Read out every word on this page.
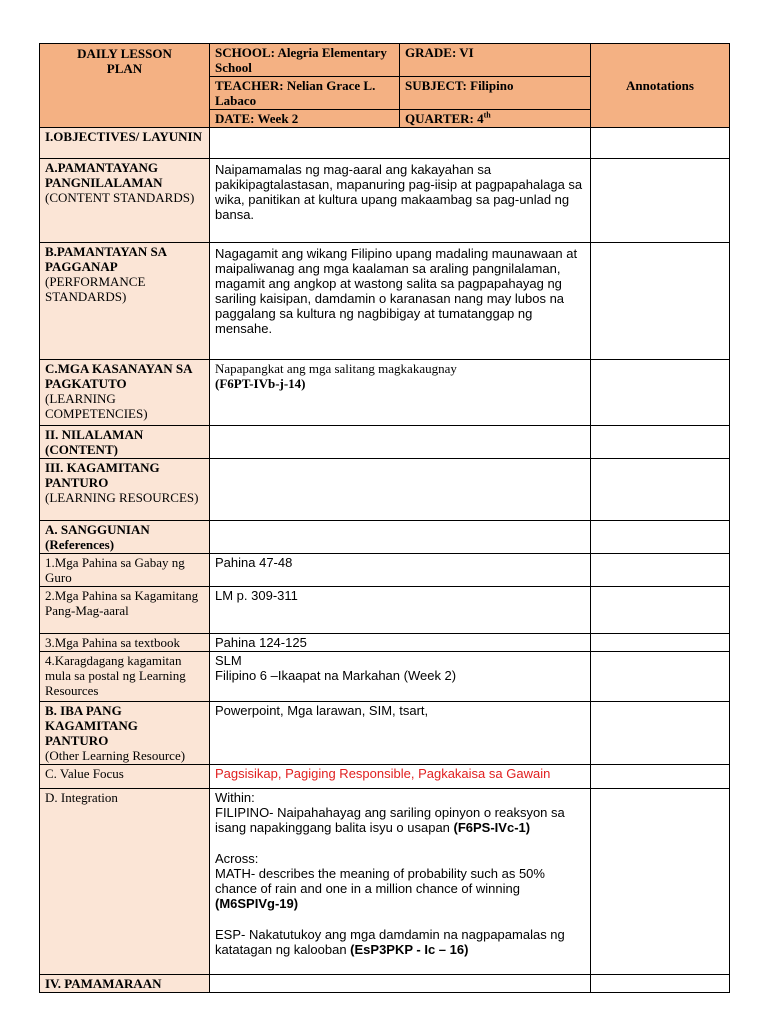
DAILY LESSON
PLAN	SCHOOL: Alegria Elementary School	GRADE: VI	Annotations
	TEACHER: Nelian Grace L. Labaco	SUBJECT: Filipino	
	DATE: Week 2	QUARTER: 4th
I.OBJECTIVES/ LAYUNIN			
A.PAMANTAYANG PANGNILALAMAN
(CONTENT STANDARDS)	Naipamamalas ng mag-aaral ang kakayahan sa pakikipagtalastasan, mapanuring pag-iisip at pagpapahalaga sa wika, panitikan at kultura upang makaambag sa pag-unlad ng bansa.		
B.PAMANTAYAN SA PAGGANAP
(PERFORMANCE STANDARDS)	Nagagamit ang wikang Filipino upang madaling maunawaan at maipaliwanag ang mga kaalaman sa araling pangnilalaman, magamit ang angkop at wastong salita sa pagpapahayag ng sariling kaisipan, damdamin o karanasan nang may lubos na paggalang sa kultura ng nagbibigay at tumatanggap ng mensahe.		
C.MGA KASANAYAN SA PAGKATUTO
(LEARNING COMPETENCIES)	Napapangkat ang mga salitang magkakaugnay
(F6PT-IVb-j-14)		
II. NILALAMAN (CONTENT)			
III. KAGAMITANG PANTURO
(LEARNING RESOURCES)			
A. SANGGUNIAN (References)			
1.Mga Pahina sa Gabay ng Guro	Pahina 47-48		
2.Mga Pahina sa Kagamitang Pang-Mag-aaral	LM p. 309-311		
3.Mga Pahina sa textbook	Pahina 124-125		
4.Karagdagang kagamitan mula sa postal ng Learning Resources	SLM
Filipino 6 –Ikaapat na Markahan (Week 2)		
B. IBA PANG KAGAMITANG PANTURO
(Other Learning Resource)	Powerpoint, Mga larawan, SIM, tsart,		
C. Value Focus	Pagsisikap, Pagiging Responsible, Pagkakaisa sa Gawain		
D. Integration	Within:
FILIPINO- Naipahahayag ang sariling opinyon o reaksyon sa isang napakinggang balita isyu o usapan (F6PS-IVc-1)

Across:
MATH- describes the meaning of probability such as 50% chance of rain and one in a million chance of winning (M6SPIVg-19)

ESP- Nakatutukoy ang mga damdamin na nagpapamalas ng katatagan ng kalooban (EsP3PKP - Ic – 16)		
IV. PAMAMARAAN			
